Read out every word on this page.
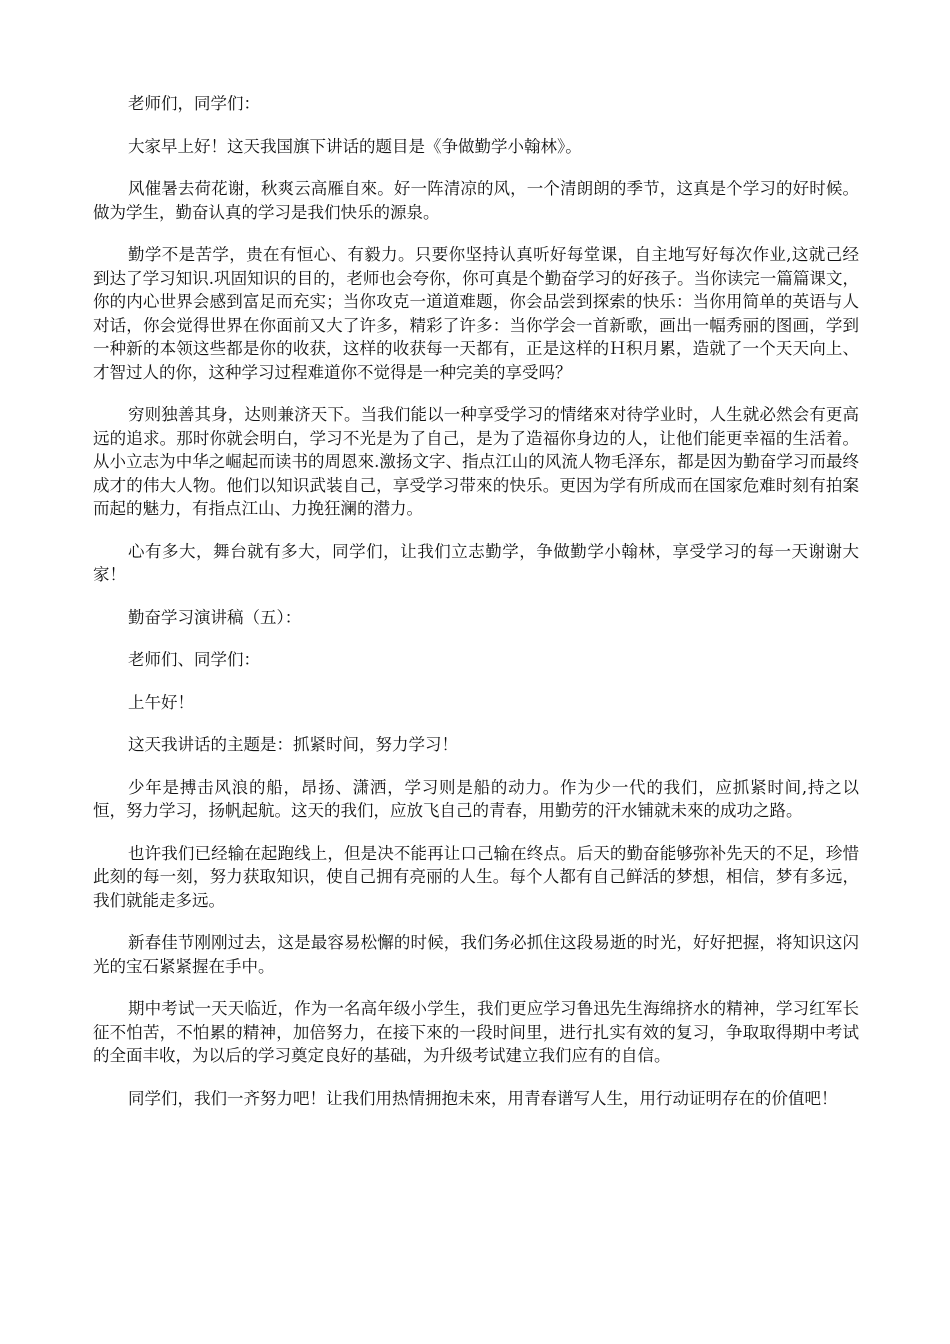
老师们，同学们：

大家早上好！这天我国旗下讲话的题目是《争做勤学小翰林》。

风催暑去荷花谢，秋爽云高雁自來。好一阵清凉的风，一个清朗朗的季节，这真是个学习的好时候。做为学生，勤奋认真的学习是我们快乐的源泉。

勤学不是苦学，贵在有恒心、有毅力。只要你坚持认真听好每堂课，自主地写好每次作业,这就己经到达了学习知识.巩固知识的目的，老师也会夸你，你可真是个勤奋学习的好孩子。当你读完一篇篇课文，你的内心世界会感到富足而充实；当你攻克一道道难题，你会品尝到探索的快乐：当你用简单的英语与人对话，你会觉得世界在你面前又大了许多，精彩了许多：当你学会一首新歌，画出一幅秀丽的图画，学到一种新的本领这些都是你的收获，这样的收获每一天都有，正是这样的Ｈ积月累，造就了一个天天向上、才智过人的你，这种学习过程难道你不觉得是一种完美的享受吗？

穷则独善其身，达则兼济天下。当我们能以一种享受学习的情绪來对待学业时，人生就必然会有更高远的追求。那时你就会明白，学习不光是为了自己，是为了造福你身边的人，让他们能更幸福的生活着。从小立志为中华之崛起而读书的周恩來.激扬文字、指点江山的风流人物毛泽东，都是因为勤奋学习而最终成才的伟大人物。他们以知识武装自己，享受学习带來的快乐。更因为学有所成而在国家危难时刻有拍案而起的魅力，有指点江山、力挽狂澜的潜力。

心有多大，舞台就有多大，同学们，让我们立志勤学，争做勤学小翰林，享受学习的每一天谢谢大家！

勤奋学习演讲稿（五）：

老师们、同学们：

上午好！

这天我讲话的主题是：抓紧时间，努力学习！

少年是搏击风浪的船，昂扬、潇洒，学习则是船的动力。作为少一代的我们，应抓紧时间,持之以恒，努力学习，扬帆起航。这天的我们，应放飞自己的青春，用勤劳的汗水铺就未來的成功之路。

也许我们已经输在起跑线上，但是决不能再让口己输在终点。后天的勤奋能够弥补先天的不足，珍惜此刻的每一刻，努力获取知识，使自己拥有亮丽的人生。每个人都有自己鲜活的梦想，相信，梦有多远，我们就能走多远。

新春佳节刚刚过去，这是最容易松懈的时候，我们务必抓住这段易逝的时光，好好把握，将知识这闪光的宝石紧紧握在手中。

期中考试一天天临近，作为一名高年级小学生，我们更应学习鲁迅先生海绵挤水的精神，学习红军长征不怕苦，不怕累的精神，加倍努力，在接下來的一段时间里，进行扎实有效的复习，争取取得期中考试的全面丰收，为以后的学习奠定良好的基础，为升级考试建立我们应有的自信。

同学们，我们一齐努力吧！让我们用热情拥抱未來，用青春谱写人生，用行动证明存在的价值吧！
